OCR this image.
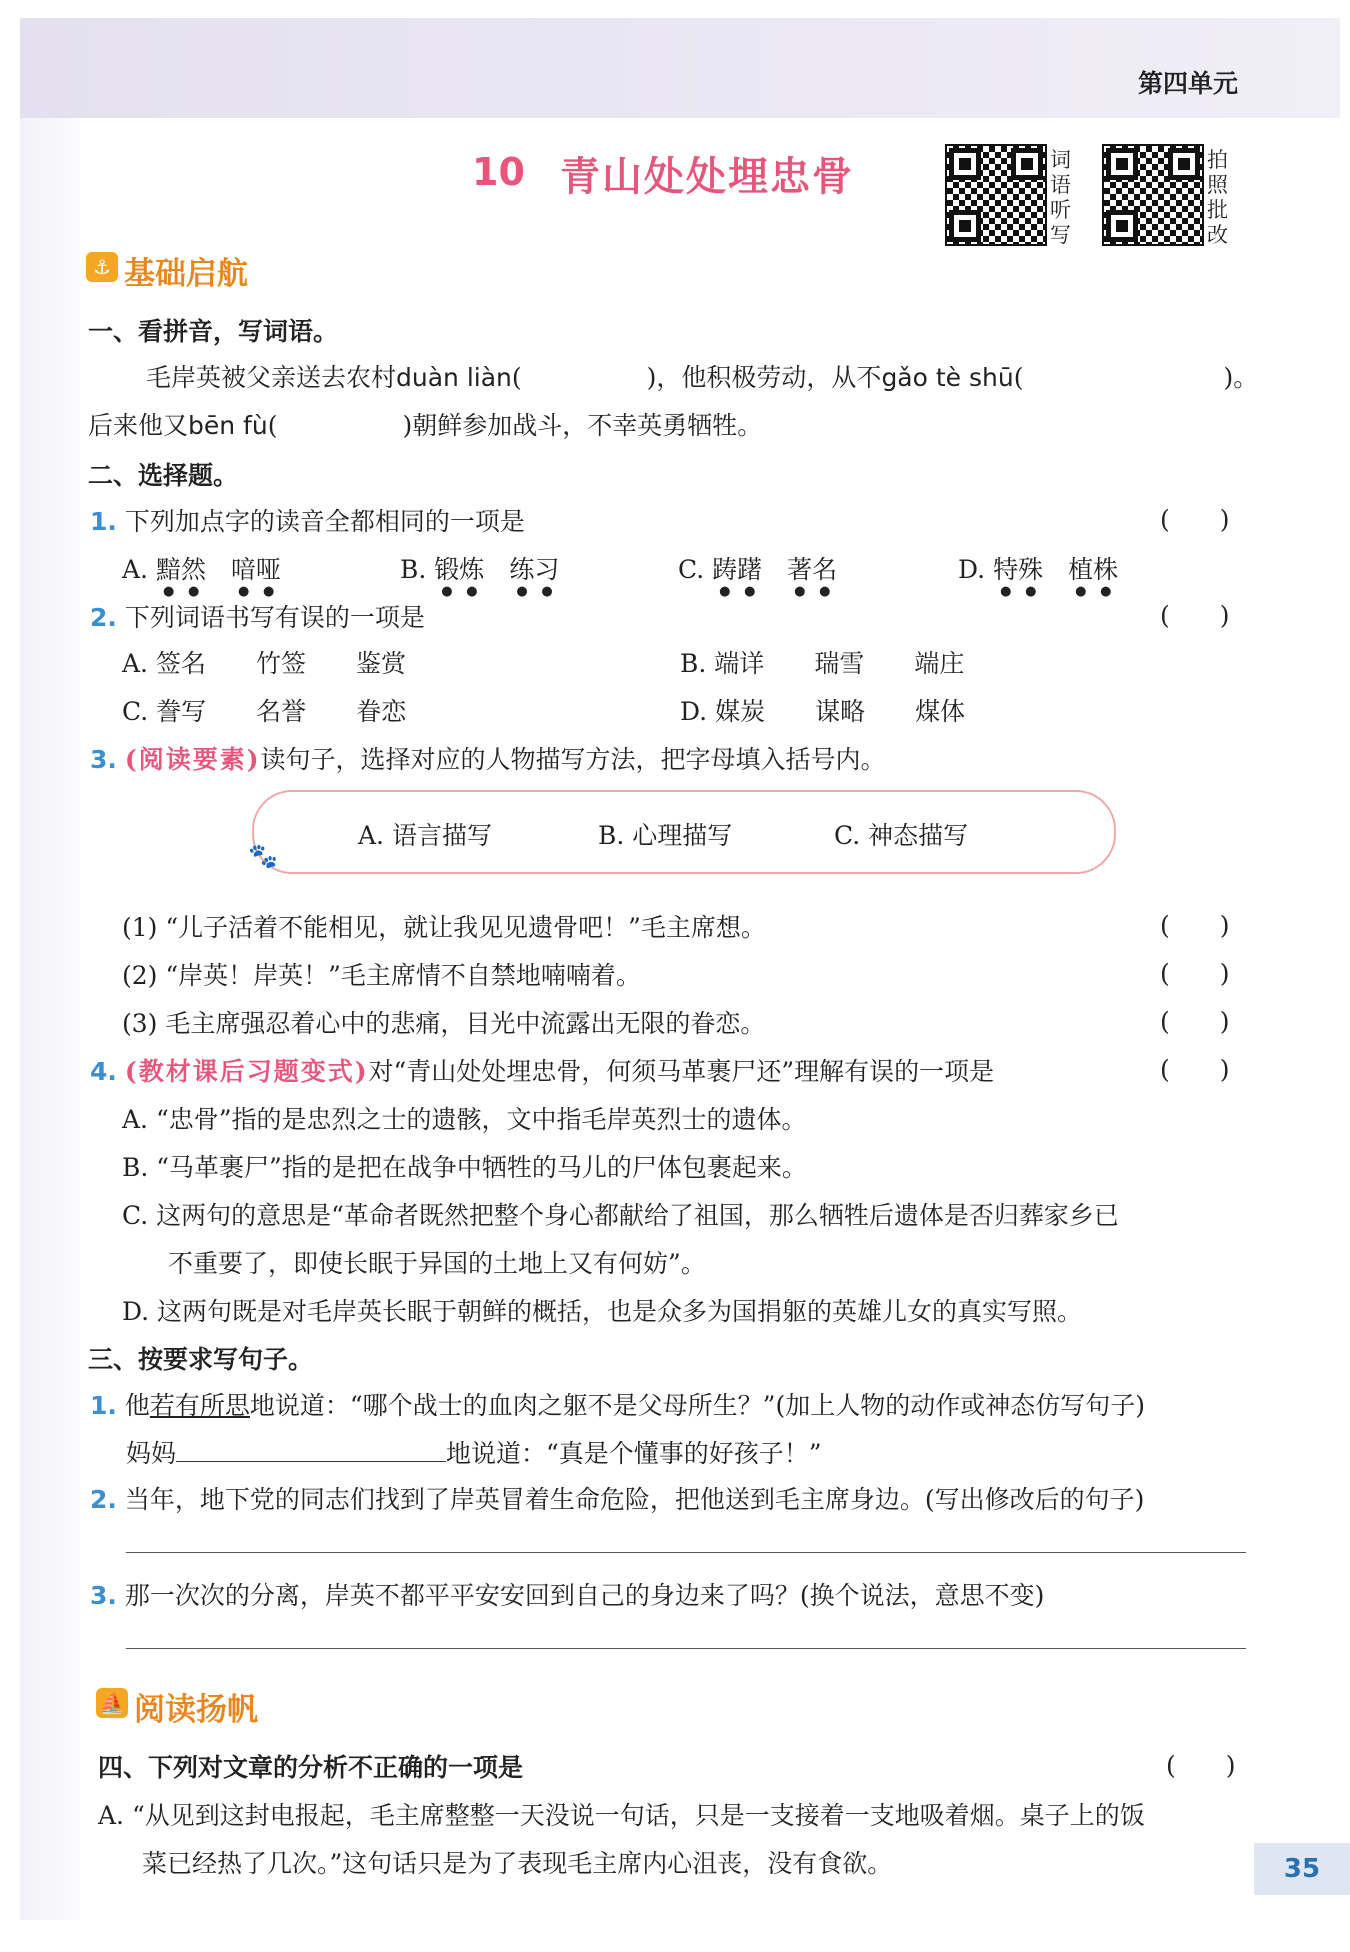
第四单元
10 青山处处埋忠骨	词语听写
拍照批改
⚓ 基础启航
一、看拼音，写词语。
毛岸英被父亲送去农村duàn liàn(　　　　　)，他积极劳动，从不gǎo tè shū(　　　　　　　　)。
后来他又bēn fù(　　　　　)朝鲜参加战斗，不幸英勇牺牲。
二、选择题。
1. 下列加点字的读音全都相同的一项是	(　　)
A. 黯然　 喑哑	B. 锻炼　 练习	C. 踌躇　 著名	D. 特殊　 植株
2. 下列词语书写有误的一项是	(　　)
A. 签名　　 竹签　　 鉴赏	B. 端详　　 瑞雪　　 端庄
C. 誊写　　 名誉　　 眷恋	D. 媒炭　　 谋略　　 煤体
3. (阅读要素)读句子，选择对应的人物描写方法，把字母填入括号内。
🐾
A. 语言描写	B. 心理描写	C. 神态描写
(1) “儿子活着不能相见，就让我见见遗骨吧！”毛主席想。	(　　)
(2) “岸英！岸英！”毛主席情不自禁地喃喃着。	(　　)
(3) 毛主席强忍着心中的悲痛，目光中流露出无限的眷恋。	(　　)
4. (教材课后习题变式)对“青山处处埋忠骨，何须马革裹尸还”理解有误的一项是	(　　)
A. “忠骨”指的是忠烈之士的遗骸，文中指毛岸英烈士的遗体。
B. “马革裹尸”指的是把在战争中牺牲的马儿的尸体包裹起来。
C. 这两句的意思是“革命者既然把整个身心都献给了祖国，那么牺牲后遗体是否归葬家乡已
不重要了，即使长眠于异国的土地上又有何妨”。
D. 这两句既是对毛岸英长眠于朝鲜的概括，也是众多为国捐躯的英雄儿女的真实写照。
三、按要求写句子。
1. 他若有所思地说道：“哪个战士的血肉之躯不是父母所生？”(加上人物的动作或神态仿写句子)
妈妈	地说道：“真是个懂事的好孩子！”
2. 当年，地下党的同志们找到了岸英冒着生命危险，把他送到毛主席身边。(写出修改后的句子)
3. 那一次次的分离，岸英不都平平安安回到自己的身边来了吗？(换个说法，意思不变)
⛵ 阅读扬帆
四、下列对文章的分析不正确的一项是	(　　)
A. “从见到这封电报起，毛主席整整一天没说一句话，只是一支接着一支地吸着烟。桌子上的饭
菜已经热了几次。”这句话只是为了表现毛主席内心沮丧，没有食欲。	35
